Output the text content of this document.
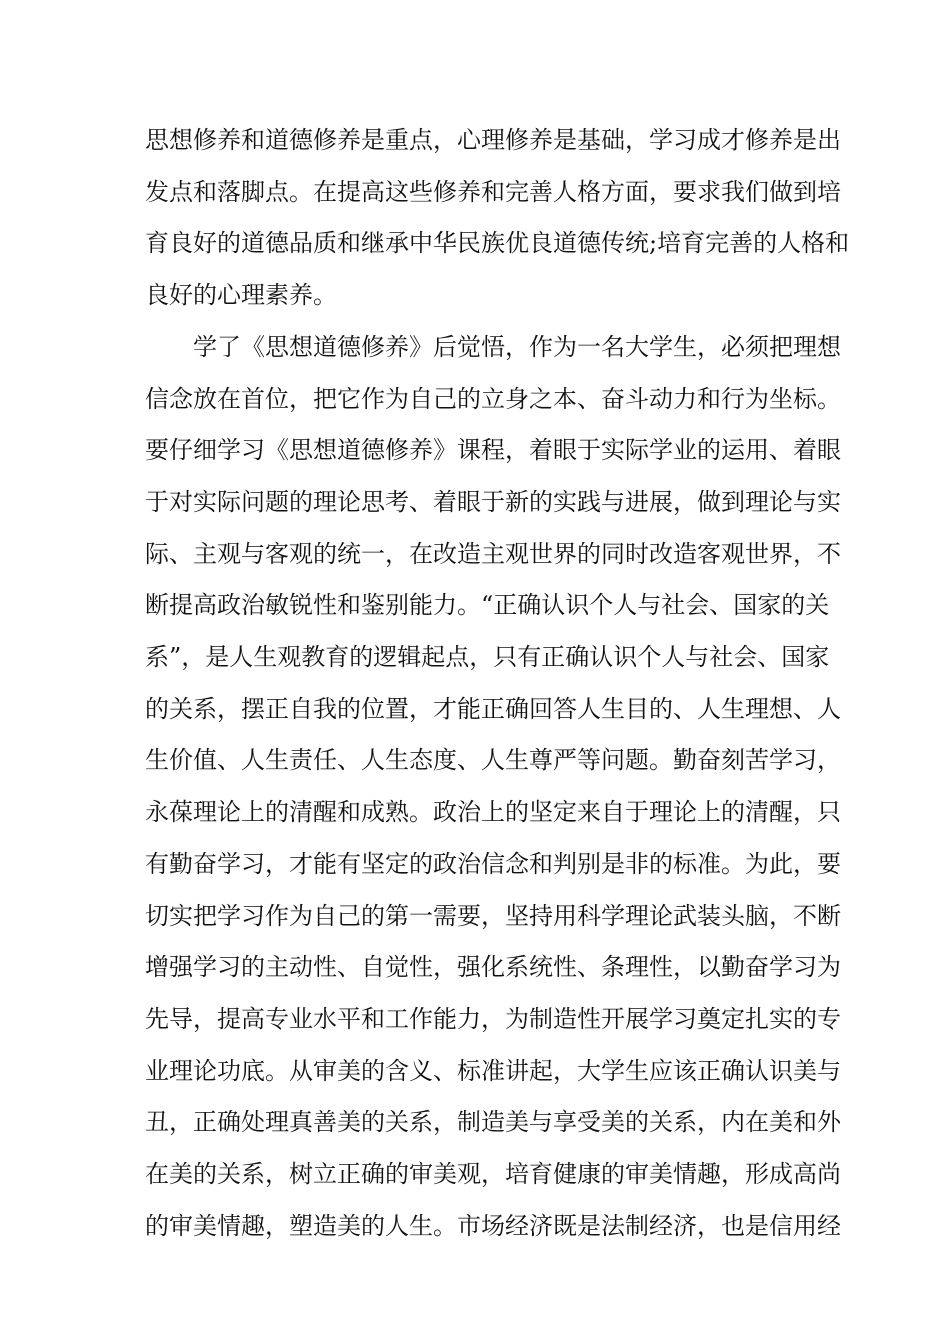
思想修养和道德修养是重点，心理修养是基础，学习成才修养是出
发点和落脚点。在提高这些修养和完善人格方面，要求我们做到培
育良好的道德品质和继承中华民族优良道德传统;培育完善的人格和
良好的心理素养。
学了《思想道德修养》后觉悟，作为一名大学生，必须把理想
信念放在首位，把它作为自己的立身之本、奋斗动力和行为坐标。
要仔细学习《思想道德修养》课程，着眼于实际学业的运用、着眼
于对实际问题的理论思考、着眼于新的实践与进展，做到理论与实
际、主观与客观的统一，在改造主观世界的同时改造客观世界，不
断提高政治敏锐性和鉴别能力。“正确认识个人与社会、国家的关
系”，是人生观教育的逻辑起点，只有正确认识个人与社会、国家
的关系，摆正自我的位置，才能正确回答人生目的、人生理想、人
生价值、人生责任、人生态度、人生尊严等问题。勤奋刻苦学习，
永葆理论上的清醒和成熟。政治上的坚定来自于理论上的清醒，只
有勤奋学习，才能有坚定的政治信念和判别是非的标准。为此，要
切实把学习作为自己的第一需要，坚持用科学理论武装头脑，不断
增强学习的主动性、自觉性，强化系统性、条理性，以勤奋学习为
先导，提高专业水平和工作能力，为制造性开展学习奠定扎实的专
业理论功底。从审美的含义、标准讲起，大学生应该正确认识美与
丑，正确处理真善美的关系，制造美与享受美的关系，内在美和外
在美的关系，树立正确的审美观，培育健康的审美情趣，形成高尚
的审美情趣，塑造美的人生。市场经济既是法制经济，也是信用经
